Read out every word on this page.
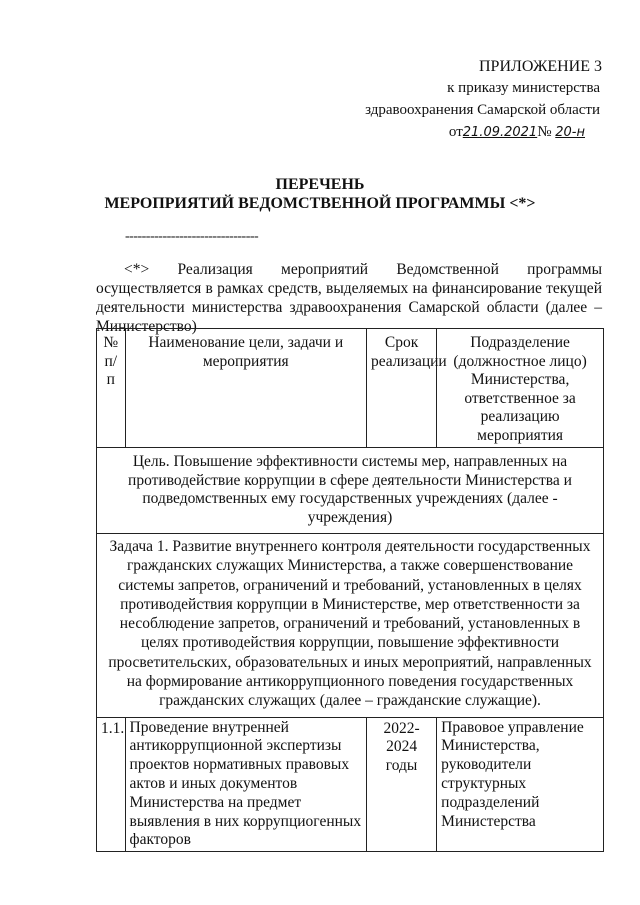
ПРИЛОЖЕНИЕ 3
к приказу министерства
здравоохранения Самарской области
от21.09.2021№ 20-н
ПЕРЕЧЕНЬ
МЕРОПРИЯТИЙ ВЕДОМСТВЕННОЙ ПРОГРАММЫ <*>
--------------------------------
<*> Реализация мероприятий Ведомственной программы осуществляется в рамках средств, выделяемых на финансирование текущей деятельности министерства здравоохранения Самарской области (далее – Министерство)
№ п/п	Наименование цели, задачи и мероприятия	Срок реализации	Подразделение (должностное лицо) Министерства, ответственное за реализацию мероприятия
Цель. Повышение эффективности системы мер, направленных на противодействие коррупции в сфере деятельности Министерства и подведомственных ему государственных учреждениях (далее - учреждения)			
Задача 1. Развитие внутреннего контроля деятельности государственных гражданских служащих Министерства, а также совершенствование системы запретов, ограничений и требований, установленных в целях противодействия коррупции в Министерстве, мер ответственности за несоблюдение запретов, ограничений и требований, установленных в целях противодействия коррупции, повышение эффективности просветительских, образовательных и иных мероприятий, направленных на формирование антикоррупционного поведения государственных гражданских служащих (далее – гражданские служащие).			
1.1.	Проведение внутренней антикоррупционной экспертизы проектов нормативных правовых актов и иных документов Министерства на предмет выявления в них коррупциогенных факторов	2022- 2024 годы	Правовое управление Министерства, руководители структурных подразделений Министерства
